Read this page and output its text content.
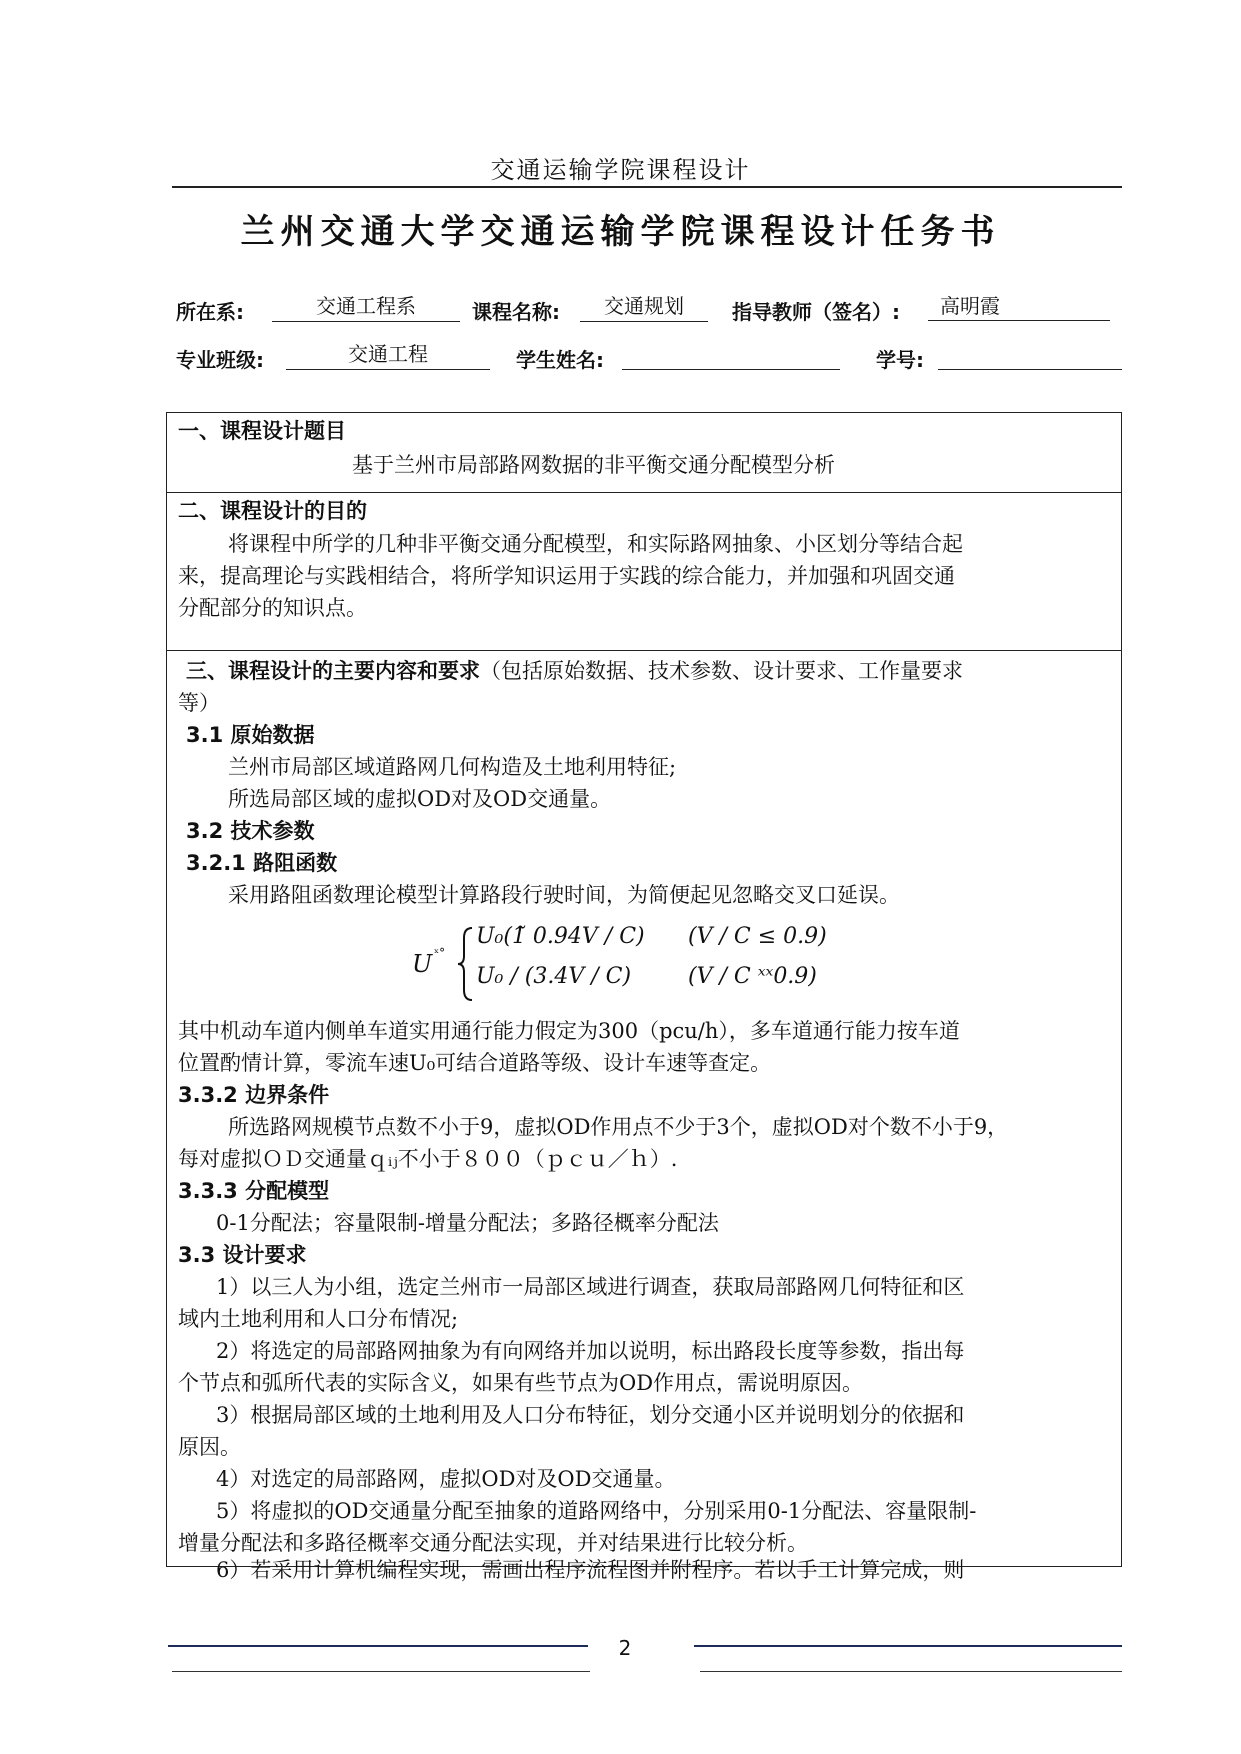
交通运输学院课程设计
兰州交通大学交通运输学院课程设计任务书
所在系:	交通工程系	课程名称:	交通规划	指导教师（签名）:	高明霞
专业班级:	交通工程	学生姓名:	学号:
一、课程设计题目
基于兰州市局部路网数据的非平衡交通分配模型分析
二、课程设计的目的
将课程中所学的几种非平衡交通分配模型，和实际路网抽象、小区划分等结合起
来，提高理论与实践相结合，将所学知识运用于实践的综合能力，并加强和巩固交通
分配部分的知识点。
三、课程设计的主要内容和要求（包括原始数据、技术参数、设计要求、工作量要求
等）
3.1 原始数据
兰州市局部区域道路网几何构造及土地利用特征;
所选局部区域的虚拟OD对及OD交通量。
3.2 技术参数
3.2.1 路阻函数
采用路阻函数理论模型计算路段行驶时间，为简便起见忽略交叉口延误。
U ˣ°
U₀(1̃ 0.94V / C) (V / C ≤ 0.9)
U₀ / (3.4V / C)	(V / C ˣˣ0.9)
其中机动车道内侧单车道实用通行能力假定为300（pcu/h），多车道通行能力按车道
位置酌情计算，零流车速U₀可结合道路等级、设计车速等查定。
3.3.2 边界条件
所选路网规模节点数不小于9，虚拟OD作用点不少于3个，虚拟OD对个数不小于9，
每对虚拟ＯＤ交通量ｑᵢⱼ不小于８００（ｐｃｕ／ｈ）.
3.3.3 分配模型
0-1分配法；容量限制-增量分配法；多路径概率分配法
3.3 设计要求
1）以三人为小组，选定兰州市一局部区域进行调查，获取局部路网几何特征和区
域内土地利用和人口分布情况;
2）将选定的局部路网抽象为有向网络并加以说明，标出路段长度等参数，指出每
个节点和弧所代表的实际含义，如果有些节点为OD作用点，需说明原因。
3）根据局部区域的土地利用及人口分布特征，划分交通小区并说明划分的依据和
原因。
4）对选定的局部路网，虚拟OD对及OD交通量。
5）将虚拟的OD交通量分配至抽象的道路网络中，分别采用0-1分配法、容量限制-
增量分配法和多路径概率交通分配法实现，并对结果进行比较分析。
6）若采用计算机编程实现，需画出程序流程图并附程序。若以手工计算完成，则
2
